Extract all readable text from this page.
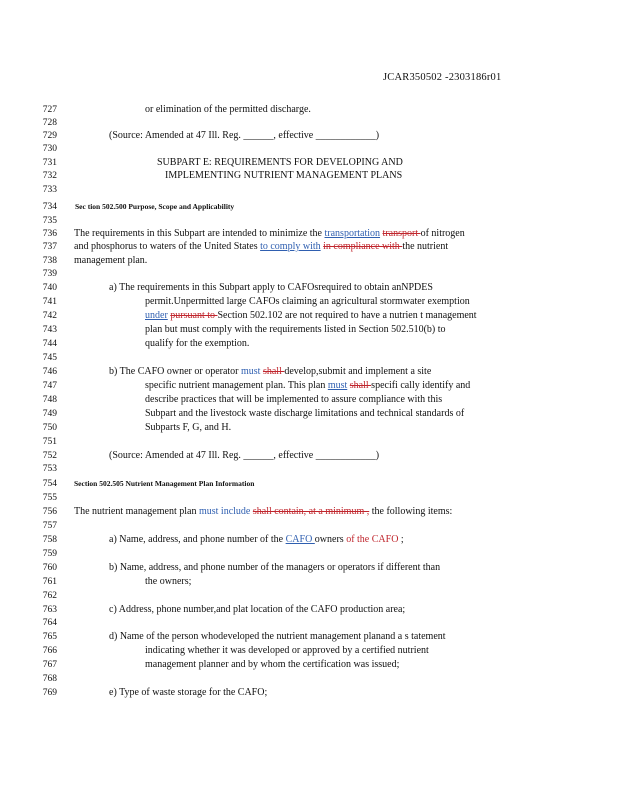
JCAR350502 -2303186r01
727	or elimination of the permitted discharge.
728
729	(Source: Amended at 47 Ill. Reg. ______, effective ____________)
730
731	SUBPART E: REQUIREMENTS FOR DEVELOPING AND
732	IMPLEMENTING NUTRIENT MANAGEMENT PLANS
733
734 Sec tion 502.500 Purpose, Scope and Applicability
735
736 The requirements in this Subpart are intended to minimize the transportation transport of nitrogen
737 and phosphorus to waters of the United States to comply with in compliance with the nutrient
738 management plan.
739
740	a) The requirements in this Subpart apply to CAFOsrequired to obtain anNPDES
741	permit.Unpermitted large CAFOs claiming an agricultural stormwater exemption
742	under pursuant to Section 502.102 are not required to have a nutrien t management
743	plan but must comply with the requirements listed in Section 502.510(b) to
744	qualify for the exemption.
745
746	b) The CAFO owner or operator must shall develop,submit and implement a site
747	specific nutrient management plan. This plan must shall specifi cally identify and
748	describe practices that will be implemented to assure compliance with this
749	Subpart and the livestock waste discharge limitations and technical standards of
750	Subparts F, G, and H.
751
752	(Source: Amended at 47 Ill. Reg. ______, effective ____________)
753
754 Section 502.505 Nutrient Management Plan Information
755
756 The nutrient management plan must include shall contain, at a minimum , the following items:
757
758	a) Name, address, and phone number of the CAFO owners of the CAFO ;
759
760	b) Name, address, and phone number of the managers or operators if different than
761	the owners;
762
763	c) Address, phone number,and plat location of the CAFO production area;
764
765	d) Name of the person whodeveloped the nutrient management planand a s tatement
766	indicating whether it was developed or approved by a certified nutrient
767	management planner and by whom the certification was issued;
768
769	e) Type of waste storage for the CAFO;
